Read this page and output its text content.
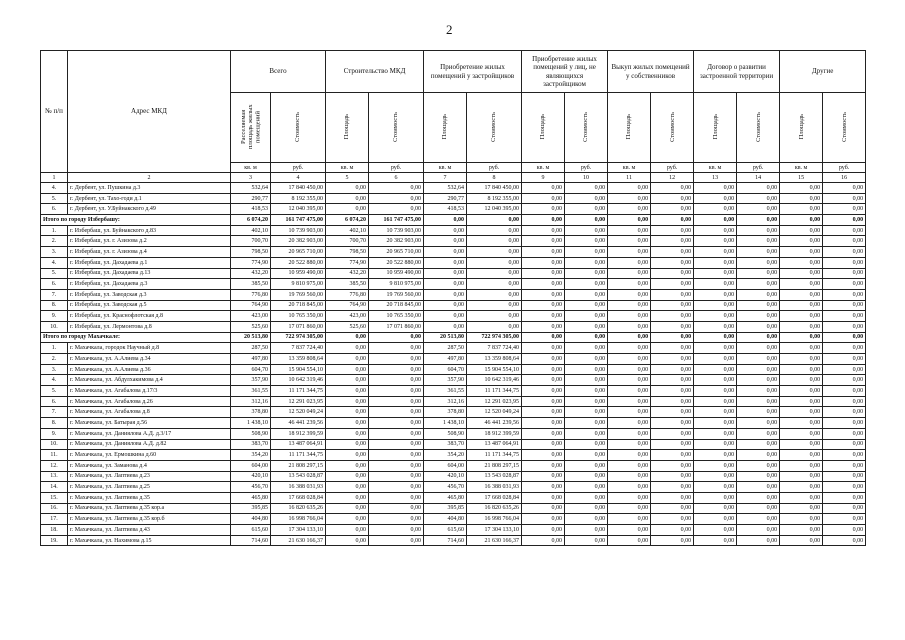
2
№ п/п	Адрес МКД	Всего		Строительство МКД		Приобретение жилых помещений у застройщиков		Приобретение жилых помещений у лиц, не являющихся застройщиком		Выкуп жилых помещений у собственников		Договор о развитии застроенной территории		Другие	
		Расселяемая площадь жилых помещений	Стоимость	Площадь	Стоимость	Площадь	Стоимость	Площадь	Стоимость	Площадь	Стоимость	Площадь	Стоимость	Площадь	Стоимость
		кв. м	руб.	кв. м	руб.	кв. м	руб.	кв. м	руб.	кв. м	руб.	кв. м	руб.	кв. м	руб.
1	2	3	4	5	6	7	8	9	10	11	12	13	14	15	16
4.	г. Дербент, ул. Пушкина д.3	532,64	17 840 450,00	0,00	0,00	532,64	17 840 450,00	0,00	0,00	0,00	0,00	0,00	0,00	0,00	0,00
5.	г. Дербент, ул. Тахо-годи д.1	290,77	8 192 355,00	0,00	0,00	290,77	8 192 355,00	0,00	0,00	0,00	0,00	0,00	0,00	0,00	0,00
6.	г. Дербент, ул. У.Буйнакского д.49	418,53	12 040 395,00	0,00	0,00	418,53	12 040 395,00	0,00	0,00	0,00	0,00	0,00	0,00	0,00	0,00
Итого по городу Избербашу:		6 074,20	161 747 475,00	6 074,20	161 747 475,00	0,00	0,00	0,00	0,00	0,00	0,00	0,00	0,00	0,00	0,00
1.	г. Избербаш, ул. Буйнакского д.83	402,10	10 739 903,00	402,10	10 739 903,00	0,00	0,00	0,00	0,00	0,00	0,00	0,00	0,00	0,00	0,00
2.	г. Избербаш, ул. г. Азизова д.2	700,70	20 382 903,00	700,70	20 382 903,00	0,00	0,00	0,00	0,00	0,00	0,00	0,00	0,00	0,00	0,00
3.	г. Избербаш, ул. г. Азизова д.4	798,50	20 965 710,00	798,50	20 965 710,00	0,00	0,00	0,00	0,00	0,00	0,00	0,00	0,00	0,00	0,00
4.	г. Избербаш, ул. Дахадаева д.1	774,90	20 522 880,00	774,90	20 522 880,00	0,00	0,00	0,00	0,00	0,00	0,00	0,00	0,00	0,00	0,00
5.	г. Избербаш, ул. Дахадаева д.13	432,20	10 959 490,00	432,20	10 959 490,00	0,00	0,00	0,00	0,00	0,00	0,00	0,00	0,00	0,00	0,00
6.	г. Избербаш, ул. Дахадаева д.3	385,50	9 810 975,00	385,50	9 810 975,00	0,00	0,00	0,00	0,00	0,00	0,00	0,00	0,00	0,00	0,00
7.	г. Избербаш, ул. Заводская д.3	776,80	19 769 560,00	776,80	19 769 560,00	0,00	0,00	0,00	0,00	0,00	0,00	0,00	0,00	0,00	0,00
8.	г. Избербаш, ул. Заводская д.5	764,90	20 718 845,00	764,90	20 718 845,00	0,00	0,00	0,00	0,00	0,00	0,00	0,00	0,00	0,00	0,00
9.	г. Избербаш, ул. Краснофлотская д.8	423,00	10 765 350,00	423,00	10 765 350,00	0,00	0,00	0,00	0,00	0,00	0,00	0,00	0,00	0,00	0,00
10.	г. Избербаш, ул. Лермонтова д.8	525,60	17 071 860,00	525,60	17 071 860,00	0,00	0,00	0,00	0,00	0,00	0,00	0,00	0,00	0,00	0,00
Итого по городу Махачкале:		20 513,80	722 974 305,00	0,00	0,00	20 513,80	722 974 305,00	0,00	0,00	0,00	0,00	0,00	0,00	0,00	0,00
1.	г. Махачкала, городок Научный д.8	287,50	7 837 724,40	0,00	0,00	287,50	7 837 724,40	0,00	0,00	0,00	0,00	0,00	0,00	0,00	0,00
2.	г. Махачкала, ул. А.Алиева д.34	497,80	13 359 808,64	0,00	0,00	497,80	13 359 808,64	0,00	0,00	0,00	0,00	0,00	0,00	0,00	0,00
3.	г. Махачкала, ул. А.Алиева д.36	604,70	15 904 554,10	0,00	0,00	604,70	15 904 554,10	0,00	0,00	0,00	0,00	0,00	0,00	0,00	0,00
4.	г. Махачкала, ул. Абдулхакимова д.4	357,90	10 642 319,46	0,00	0,00	357,90	10 642 319,46	0,00	0,00	0,00	0,00	0,00	0,00	0,00	0,00
5.	г. Махачкала, ул. Агабалова д.17/3	361,55	11 171 344,75	0,00	0,00	361,55	11 171 344,75	0,00	0,00	0,00	0,00	0,00	0,00	0,00	0,00
6.	г. Махачкала, ул. Агабалова д.26	312,16	12 291 023,95	0,00	0,00	312,16	12 291 023,95	0,00	0,00	0,00	0,00	0,00	0,00	0,00	0,00
7.	г. Махачкала, ул. Агабалова д.8	378,80	12 520 049,24	0,00	0,00	378,80	12 520 049,24	0,00	0,00	0,00	0,00	0,00	0,00	0,00	0,00
8.	г. Махачкала, ул. Батырая д.56	1 438,10	46 441 239,56	0,00	0,00	1 438,10	46 441 239,56	0,00	0,00	0,00	0,00	0,00	0,00	0,00	0,00
9.	г. Махачкала, ул. Даниялова А.Д. д.3/17	508,90	18 912 399,59	0,00	0,00	508,90	18 912 399,59	0,00	0,00	0,00	0,00	0,00	0,00	0,00	0,00
10.	г. Махачкала, ул. Даниялова А.Д. д.82	383,70	13 487 064,91	0,00	0,00	383,70	13 487 064,91	0,00	0,00	0,00	0,00	0,00	0,00	0,00	0,00
11.	г. Махачкала, ул. Ермошкина д.60	354,20	11 171 344,75	0,00	0,00	354,20	11 171 344,75	0,00	0,00	0,00	0,00	0,00	0,00	0,00	0,00
12.	г. Махачкала, ул. Заманова д.4	604,00	21 808 297,15	0,00	0,00	604,00	21 808 297,15	0,00	0,00	0,00	0,00	0,00	0,00	0,00	0,00
13.	г. Махачкала, ул. Лаптиева д.23	420,10	13 543 028,87	0,00	0,00	420,10	13 543 028,87	0,00	0,00	0,00	0,00	0,00	0,00	0,00	0,00
14.	г. Махачкала, ул. Лаптиева д.25	456,70	16 388 031,93	0,00	0,00	456,70	16 388 031,93	0,00	0,00	0,00	0,00	0,00	0,00	0,00	0,00
15.	г. Махачкала, ул. Лаптиева д.35	465,80	17 668 028,84	0,00	0,00	465,80	17 668 028,84	0,00	0,00	0,00	0,00	0,00	0,00	0,00	0,00
16.	г. Махачкала, ул. Лаптиева д.35 кор.а	395,85	16 820 635,26	0,00	0,00	395,85	16 820 635,26	0,00	0,00	0,00	0,00	0,00	0,00	0,00	0,00
17.	г. Махачкала, ул. Лаптиева д.35 кор.б	404,80	16 998 766,04	0,00	0,00	404,80	16 998 766,04	0,00	0,00	0,00	0,00	0,00	0,00	0,00	0,00
18.	г. Махачкала, ул. Лаптиева д.43	615,60	17 304 133,10	0,00	0,00	615,60	17 304 133,10	0,00	0,00	0,00	0,00	0,00	0,00	0,00	0,00
19.	г. Махачкала, ул. Нахимова д.15	714,60	21 630 166,37	0,00	0,00	714,60	21 630 166,37	0,00	0,00	0,00	0,00	0,00	0,00	0,00	0,00
